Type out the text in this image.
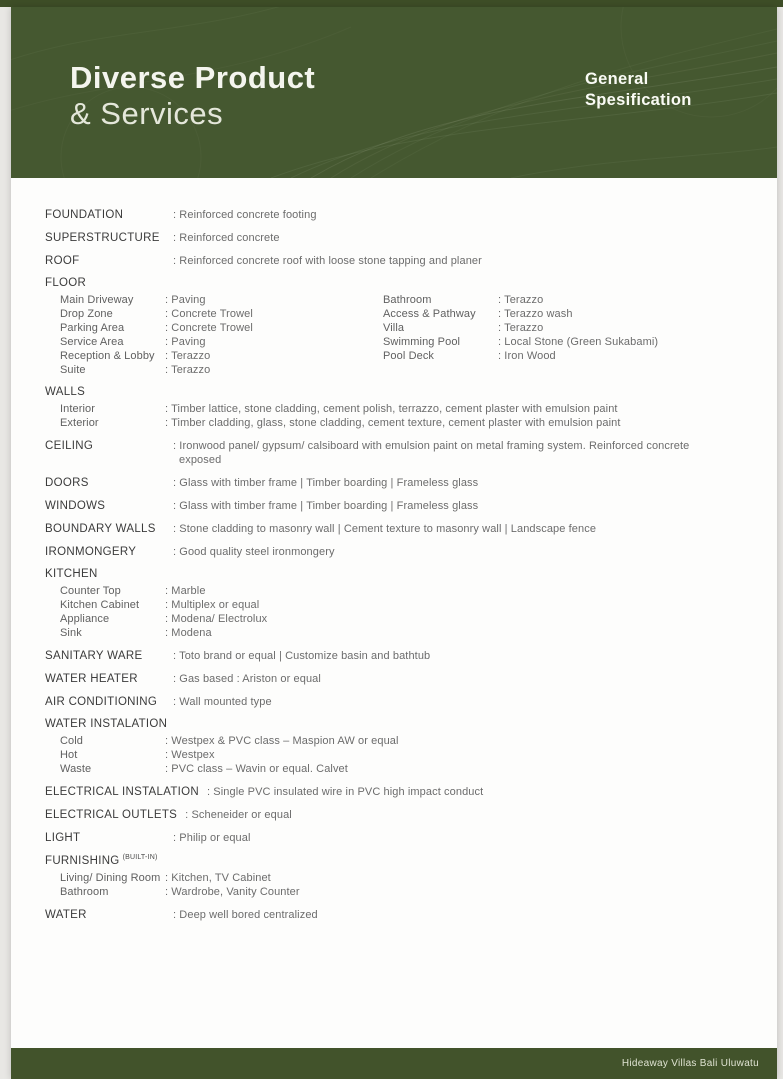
Diverse Product
& Services
General
Spesification
FOUNDATION	: Reinforced concrete footing
SUPERSTRUCTURE	: Reinforced concrete
ROOF	: Reinforced concrete roof with loose stone tapping and planer
FLOOR
Main Driveway	: Paving
Drop Zone	: Concrete Trowel
Parking Area	: Concrete Trowel
Service Area	: Paving
Reception & Lobby : Terazzo
Suite	: Terazzo
Bathroom	: Terazzo
Access & Pathway	: Terazzo wash
Villa	: Terazzo
Swimming Pool	: Local Stone (Green Sukabami)
Pool Deck	: Iron Wood
WALLS
Interior	: Timber lattice, stone cladding, cement polish, terrazzo, cement plaster with emulsion paint
Exterior	: Timber cladding, glass, stone cladding, cement texture, cement plaster with emulsion paint
CEILING	: Ironwood panel/ gypsum/ calsiboard with emulsion paint on metal framing system. Reinforced concrete exposed
DOORS	: Glass with timber frame | Timber boarding | Frameless glass
WINDOWS	: Glass with timber frame | Timber boarding | Frameless glass
BOUNDARY WALLS	: Stone cladding to masonry wall | Cement texture to masonry wall | Landscape fence
IRONMONGERY	: Good quality steel ironmongery
KITCHEN
Counter Top	: Marble
Kitchen Cabinet	: Multiplex or equal
Appliance	: Modena/ Electrolux
Sink	: Modena
SANITARY WARE	: Toto brand or equal | Customize basin and bathtub
WATER HEATER	: Gas based : Ariston or equal
AIR CONDITIONING	: Wall mounted type
WATER INSTALATION
Cold	: Westpex & PVC class – Maspion AW or equal
Hot	: Westpex
Waste	: PVC class – Wavin or equal. Calvet
ELECTRICAL INSTALATION : Single PVC insulated wire in PVC high impact conduct
ELECTRICAL OUTLETS : Scheneider or equal
LIGHT	: Philip or equal
FURNISHING $^{(BUILT-IN)}$
Living/ Dining Room : Kitchen, TV Cabinet
Bathroom	: Wardrobe, Vanity Counter
WATER	: Deep well bored centralized
Hideaway Villas Bali Uluwatu
